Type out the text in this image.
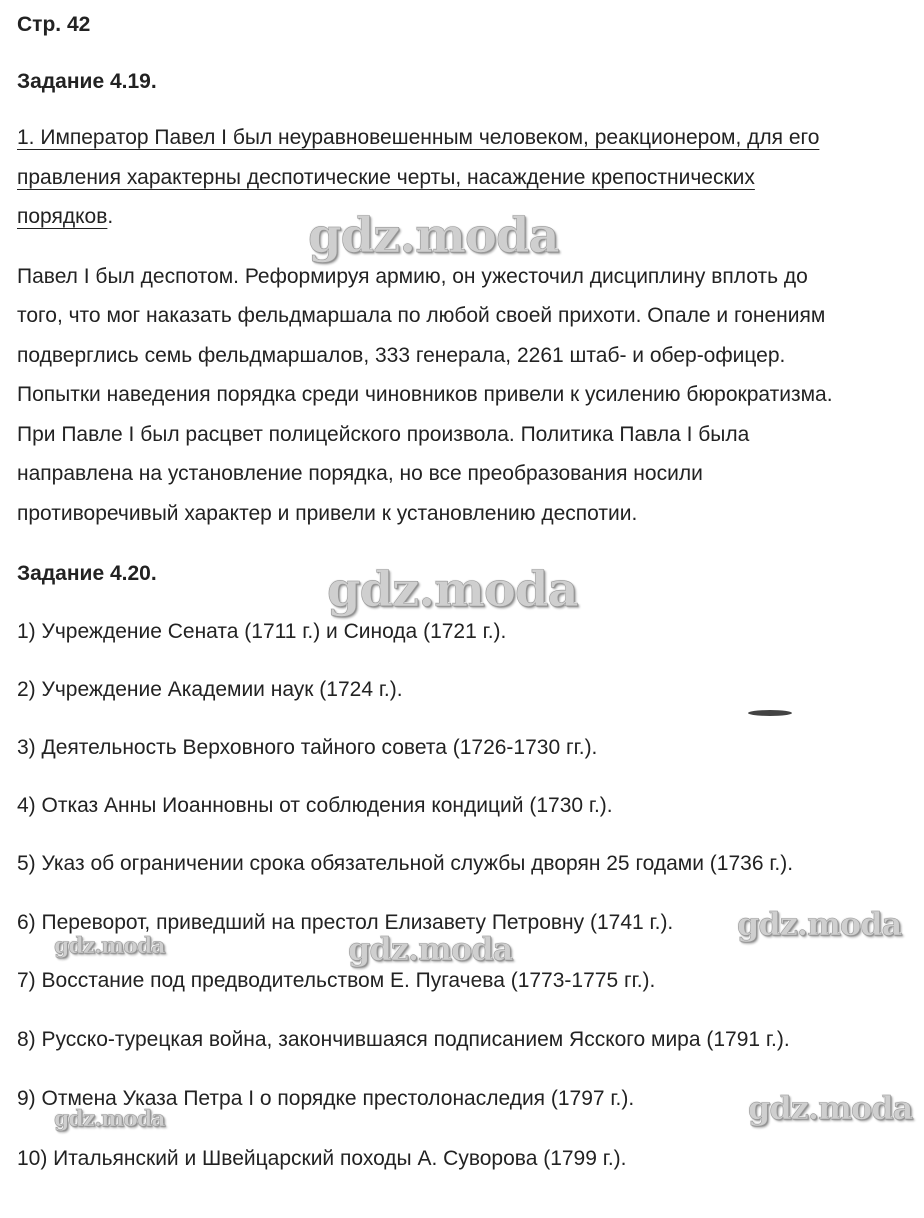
Стр. 42
Задание 4.19.
1. Император Павел I был неуравновешенным человеком, реакционером, для его
правления характерны деспотические черты, насаждение крепостнических
порядков.
Павел I был деспотом. Реформируя армию, он ужесточил дисциплину вплоть до
того, что мог наказать фельдмаршала по любой своей прихоти. Опале и гонениям
подверглись семь фельдмаршалов, 333 генерала, 2261 штаб- и обер-офицер.
Попытки наведения порядка среди чиновников привели к усилению бюрократизма.
При Павле I был расцвет полицейского произвола. Политика Павла I была
направлена на установление порядка, но все преобразования носили
противоречивый характер и привели к установлению деспотии.
Задание 4.20.
1) Учреждение Сената (1711 г.) и Синода (1721 г.).
2) Учреждение Академии наук (1724 г.).
3) Деятельность Верховного тайного совета (1726-1730 гг.).
4) Отказ Анны Иоанновны от соблюдения кондиций (1730 г.).
5) Указ об ограничении срока обязательной службы дворян 25 годами (1736 г.).
6) Переворот, приведший на престол Елизавету Петровну (1741 г.).
7) Восстание под предводительством Е. Пугачева (1773-1775 гг.).
8) Русско-турецкая война, закончившаяся подписанием Ясского мира (1791 г.).
9) Отмена Указа Петра I о порядке престолонаследия (1797 г.).
10) Итальянский и Швейцарский походы А. Суворова (1799 г.).
gdz.moda
gdz.moda
gdz.moda
gdz.moda	gdz.moda
gdz.moda
gdz.moda
